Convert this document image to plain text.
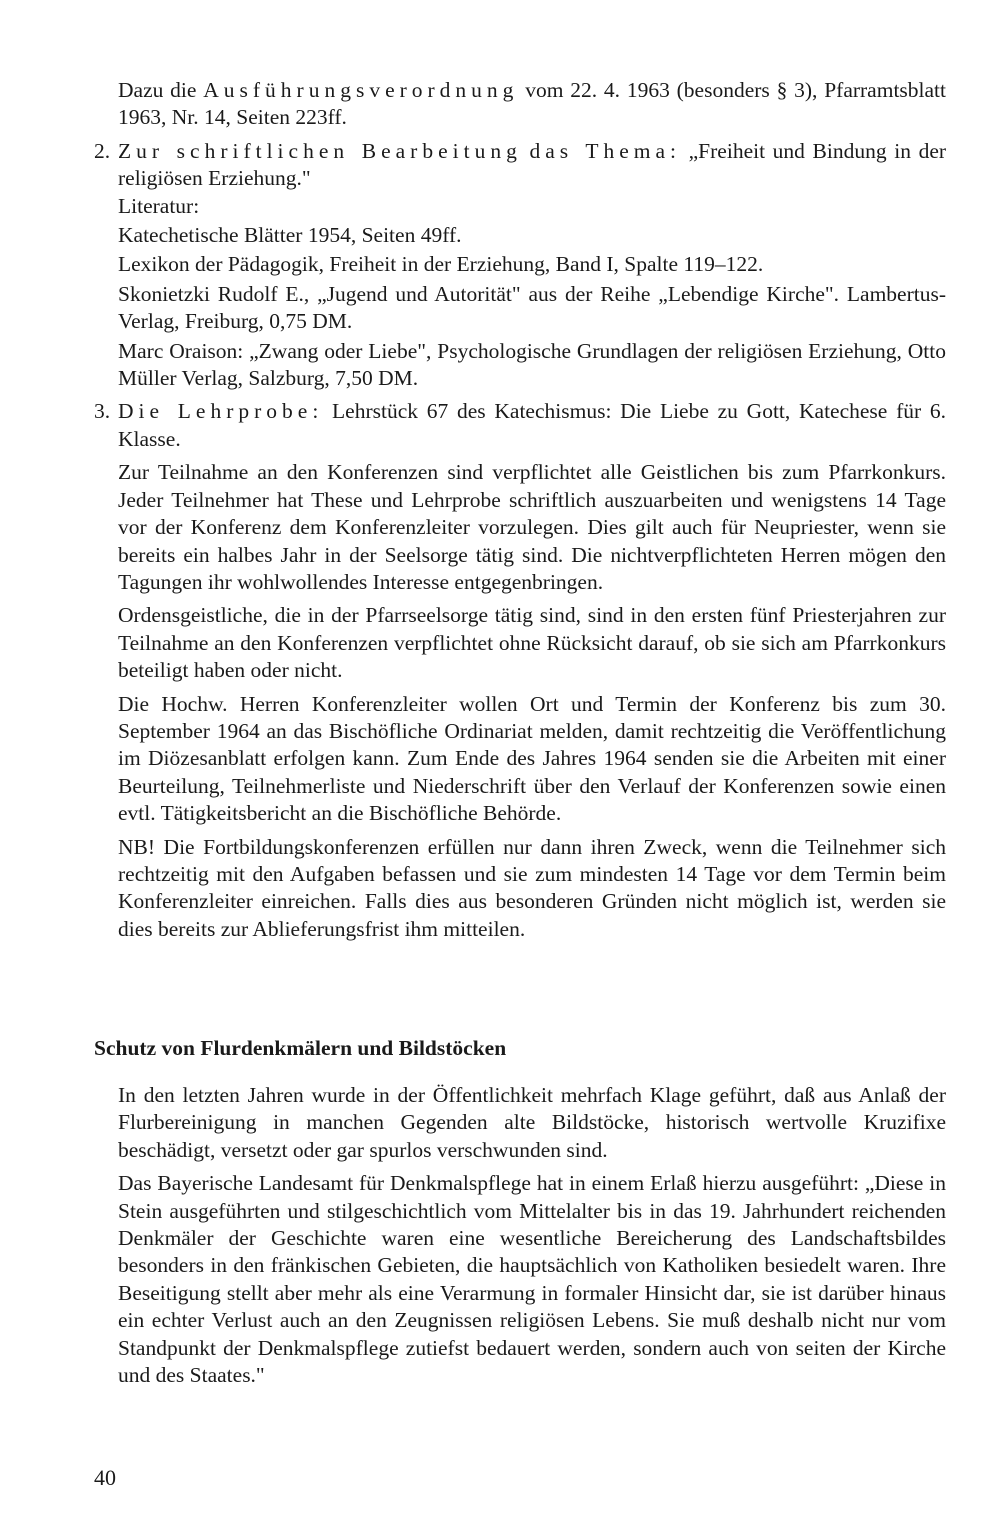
Dazu die Ausführungsverordnung vom 22. 4. 1963 (besonders § 3), Pfarramtsblatt 1963, Nr. 14, Seiten 223ff.

2. Zur schriftlichen Bearbeitung das Thema: „Freiheit und Bindung in der religiösen Erziehung."

Literatur:

Katechetische Blätter 1954, Seiten 49ff.

Lexikon der Pädagogik, Freiheit in der Erziehung, Band I, Spalte 119–122.

Skonietzki Rudolf E., „Jugend und Autorität" aus der Reihe „Lebendige Kirche". Lambertus-Verlag, Freiburg, 0,75 DM.

Marc Oraison: „Zwang oder Liebe", Psychologische Grundlagen der religiösen Erziehung, Otto Müller Verlag, Salzburg, 7,50 DM.

3. Die Lehrprobe: Lehrstück 67 des Katechismus: Die Liebe zu Gott, Katechese für 6. Klasse.

Zur Teilnahme an den Konferenzen sind verpflichtet alle Geistlichen bis zum Pfarrkonkurs. Jeder Teilnehmer hat These und Lehrprobe schriftlich auszuarbeiten und wenigstens 14 Tage vor der Konferenz dem Konferenzleiter vorzulegen. Dies gilt auch für Neupriester, wenn sie bereits ein halbes Jahr in der Seelsorge tätig sind. Die nichtverpflichteten Herren mögen den Tagungen ihr wohlwollendes Interesse entgegenbringen.

Ordensgeistliche, die in der Pfarrseelsorge tätig sind, sind in den ersten fünf Priesterjahren zur Teilnahme an den Konferenzen verpflichtet ohne Rücksicht darauf, ob sie sich am Pfarrkonkurs beteiligt haben oder nicht.

Die Hochw. Herren Konferenzleiter wollen Ort und Termin der Konferenz bis zum 30. September 1964 an das Bischöfliche Ordinariat melden, damit rechtzeitig die Veröffentlichung im Diözesanblatt erfolgen kann. Zum Ende des Jahres 1964 senden sie die Arbeiten mit einer Beurteilung, Teilnehmerliste und Niederschrift über den Verlauf der Konferenzen sowie einen evtl. Tätigkeitsbericht an die Bischöfliche Behörde.

NB! Die Fortbildungskonferenzen erfüllen nur dann ihren Zweck, wenn die Teilnehmer sich rechtzeitig mit den Aufgaben befassen und sie zum mindesten 14 Tage vor dem Termin beim Konferenzleiter einreichen. Falls dies aus besonderen Gründen nicht möglich ist, werden sie dies bereits zur Ablieferungsfrist ihm mitteilen.

Schutz von Flurdenkmälern und Bildstöcken

In den letzten Jahren wurde in der Öffentlichkeit mehrfach Klage geführt, daß aus Anlaß der Flurbereinigung in manchen Gegenden alte Bildstöcke, historisch wertvolle Kruzifixe beschädigt, versetzt oder gar spurlos verschwunden sind.

Das Bayerische Landesamt für Denkmalspflege hat in einem Erlaß hierzu ausgeführt: „Diese in Stein ausgeführten und stilgeschichtlich vom Mittelalter bis in das 19. Jahrhundert reichenden Denkmäler der Geschichte waren eine wesentliche Bereicherung des Landschaftsbildes besonders in den fränkischen Gebieten, die hauptsächlich von Katholiken besiedelt waren. Ihre Beseitigung stellt aber mehr als eine Verarmung in formaler Hinsicht dar, sie ist darüber hinaus ein echter Verlust auch an den Zeugnissen religiösen Lebens. Sie muß deshalb nicht nur vom Standpunkt der Denkmalspflege zutiefst bedauert werden, sondern auch von seiten der Kirche und des Staates."

40
